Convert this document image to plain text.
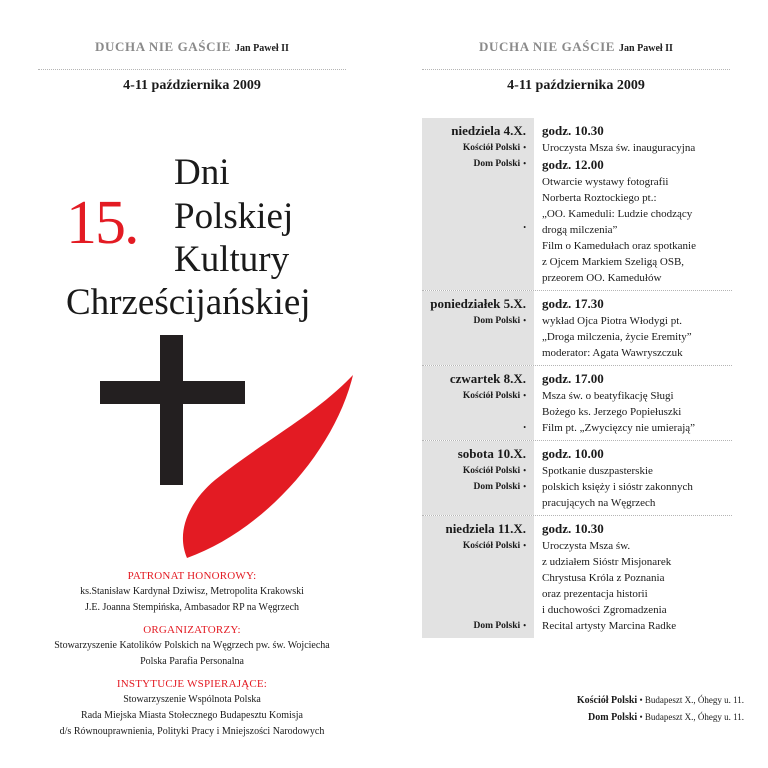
DUCHA NIE GAŚCIE Jan Paweł II
4-11 października 2009
15.
Dni
Polskiej
Kultury
Chrześcijańskiej
PATRONAT HONOROWY:
ks.Stanisław Kardynał Dziwisz, Metropolita Krakowski
J.E. Joanna Stempińska, Ambasador RP na Węgrzech
ORGANIZATORZY:
Stowarzyszenie Katolików Polskich na Węgrzech pw. św. Wojciecha
Polska Parafia Personalna
INSTYTUCJE WSPIERAJĄCE:
Stowarzyszenie Wspólnota Polska
Rada Miejska Miasta Stołecznego Budapesztu Komisja
d/s Równouprawnienia, Polityki Pracy i Mniejszości Narodowych
DUCHA NIE GAŚCIE Jan Paweł II
4-11 października 2009
niedziela 4.X.
Kościół Polski •
Dom Polski •

•
godz. 10.30
Uroczysta Msza św. inauguracyjna
godz. 12.00
Otwarcie wystawy fotografii
Norberta Roztockiego pt.:
„OO. Kameduli: Ludzie chodzący
drogą milczenia”
Film o Kamedułach oraz spotkanie
z Ojcem Markiem Szeligą OSB,
przeorem OO. Kamedułów
poniedziałek 5.X.
Dom Polski •
godz. 17.30
wykład Ojca Piotra Włodygi pt.
„Droga milczenia, życie Eremity”
moderator: Agata Wawryszczuk
czwartek 8.X.
Kościół Polski •

•
godz. 17.00
Msza św. o beatyfikację Sługi
Bożego ks. Jerzego Popiełuszki
Film pt. „Zwycięzcy nie umierają”
sobota 10.X.
Kościół Polski •
Dom Polski •
godz. 10.00
Spotkanie duszpasterskie
polskich księży i sióstr zakonnych
pracujących na Węgrzech
niedziela 11.X.
Kościół Polski •

Dom Polski •
godz. 10.30
Uroczysta Msza św.
z udziałem Sióstr Misjonarek
Chrystusa Króla z Poznania
oraz prezentacja historii
i duchowości Zgromadzenia
Recital artysty Marcina Radke
Kościół Polski • Budapeszt X., Óhegy u. 11.
Dom Polski • Budapeszt X., Óhegy u. 11.
